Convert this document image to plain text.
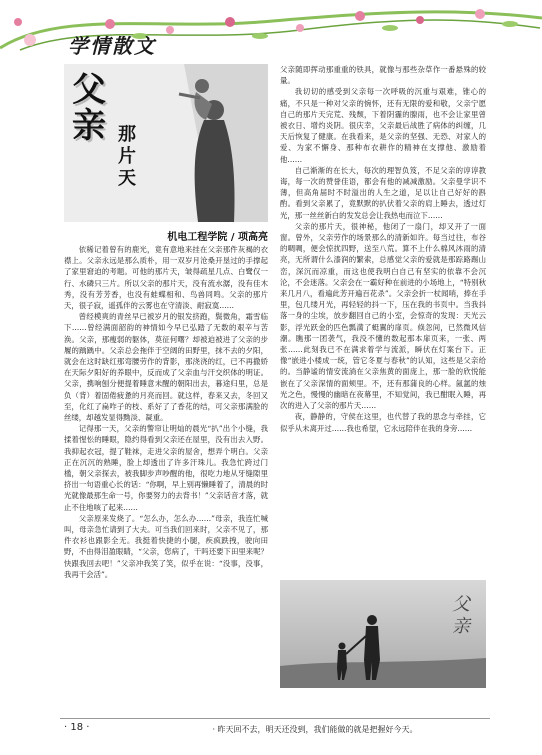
学情散文
父亲 那片天
机电工程学院 / 项高亮

依稀记着曾有的鹿光，竟有意地来挂在父亲那件灰褐的衣襟上。父亲永远是那么质朴，用一双岁月沧桑开垦过的手撑起了家里窘迫的考题。可他的那片天，皱得疏星几点、白鹭仅一行、水磷只三片。所以父亲的那片天，没有流水潺，没有佳木秀，没有芳芳香，也没有蛙蝶相和、鸟兽同鸣。父亲的那片天，很子寂，遥孤伴的云雾也在守清淡、耐寂寞……

曾经模爽的青丝早已被岁月的银发挤跑，鬓微角，霜雪临下……曾经满面韶韵的神情如今早已弘踏了无数的艰辛与苦涣。父亲，那瘦弱的躯体，莫征何曙？却被迫被进了父亲的步履的踽踽中。父亲总会拖伴于空阔的田野里，抹不去的夕阳，就会在这时缺红那弯腰劳作的背影，那浇浇的红，已不再撒娇在天际夕阳好的养眼中，反而成了父亲血与汗交织体的明证。父亲，携响刨分便提着睡意未醒的朝阳出去，暮途归里，总是负（背）着固倦疲惫的月亮而回。就这样，春来又去，冬回又至，化红了扁咋子的枝、系好了了香花的结，可父亲那满脸的丝缕，却越发显得黝淡、凝重。

记得那一天，父亲的警帘让明灿的晨光“扒”出个小缝，我揉着惺忪的睡眼，隐约得看到父亲还在屋里，没有出去入野。我抑起衣冠，提了鞋袜，走进父亲的屋舍，想弄个明白。父亲正在沉沉的熟睡，脸上却透出了许多汗珠儿。我急忙跨过门槛，朝父亲探去，被我脚步声吵醒的他，很吃力地从牙缝隙里挤出一句语重心长的话：“你啊，早上别再懒睡着了，清晨的时光就像最那生命一号，你要努力的去背书！”父亲话音才落，就止不住地咳了起来……

父亲原来发烧了。“怎么办，怎么办……”母亲，我连忙喊叫，母亲急忙请到了大夫。可当我们回来时，父亲不见了，那件衣衫也跟影全无。我挺着快捷的小腿，疾疯跌拽，驶向田野，不由得泪盈眼睛，“父亲，您病了，干吗还要下田里来呢？快跟我回去吧！”父亲冲我笑了笑，似乎在说：“没事，没事，我再干会活”。

父亲随即挥动那重重的铁具，就像与那些杂草作一番悬殊的较量。

我切切的感受到父亲每一次呼吸的沉重与艰难，锥心的痛，不只是一种对父亲的惋怀，还有无限的爱和敬，父亲宁愿自己的那片天完荒、残颓，下着阴霾的腺雨，也不会让家里曾被衣日、增灼炎阴。很庆幸，父亲最后战胜了病体的纠缠，几天后恢复了健康。在我看来，是父亲的坚强、无恐、对家人的爱、为家不懈身、那种布衣耕作的精神在支撑他、激励着他……

自己渐渐的在长大，每次的理智负笈，不足父亲的谆谆教诲，每一次的赞誉佳语，都会有他的减减激励。父亲曼学识不薄，但高角届时不时溢出的人生之道，足以让自己好好的斟酌。看到父亲累了，竟默默的扒伏着父亲的肩上睡去，透过灯光，那一丝丝新白的发发总会让我热电而泣下……

父亲的那片天，很神秘，他闭了一扇门，却又开了一面窗。曾外，父亲劳作的场景那么的清新如许。每当过往，布谷的啁啁，便会惊扰四野，送至八荒。算不上什么棉风沐雨的清亮，无所谓什么漆润的繁索，总感觉父亲的爱就是那踪路踢山峦，深沉而凉重，而这也使我明白自己有坚实的依靠不会沉沦，不会迷落。父亲会在一霸好种在前进的小场地上，“特别秋来几月八，看遍此芳开遍百花杀”。父亲会折一杖闻哨，捧在手里，包几缕月光，再轻轻的抖一下，压在我的书页中。当我抖落一身的尘埃，放步翻回自己的小室，会惊奇的发现：天光云影，浮光跃金的匹色瓢満了蜓翼的扉页。倏忽间，已然微风信潮。瞧那一团袭气，我没不懂的数起那本扉页来，一张、两张……此刻我已不在满求着学与流派，瞬伏在灯案台下。正像“嵌进小楼成一统，管它冬夏与春秋”的认知，这些是父亲给的。当静谧的情安流淌在父亲焦黄的面庞上，那一脸的欣悦能嵌在了父亲深情的面颊里。不，还有那蒲良的心样。氤氲的烛光之色，慢慢的幽暗在夜幕里，不知觉间，我已酣眠入睡，再次的进入了父亲的那片天……

夜，静静的，守侯在这里，也代替了我的思念与牵挂，它似乎从未离开过……我也希望，它永远陪伴在我的身旁……

父亲
· 18 ·	· 昨天回不去，明天还没到，我们能做的就是把握好今天。
